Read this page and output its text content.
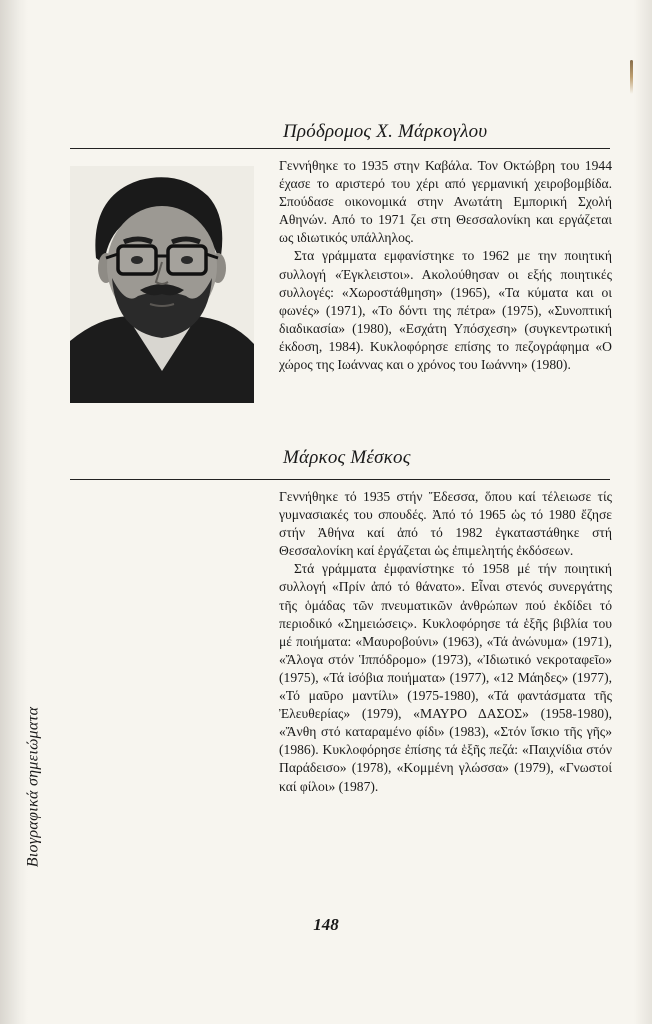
Πρόδρομος Χ. Μάρκογλου

Γεννήθηκε το 1935 στην Καβάλα. Τον Οκτώβρη του 1944 έχασε το αριστερό του χέρι από γερμανική χειροβομβίδα. Σπούδασε οικονομικά στην Ανωτάτη Εμπορική Σχολή Αθηνών. Από το 1971 ζει στη Θεσσαλονίκη και εργάζεται ως ιδιωτικός υπάλληλος.

Στα γράμματα εμφανίστηκε το 1962 με την ποιητική συλλογή «Έγκλειστοι». Ακολούθησαν οι εξής ποιητικές συλλογές: «Χωροστάθμηση» (1965), «Τα κύματα και οι φωνές» (1971), «Το δόντι της πέτρα» (1975), «Συνοπτική διαδικασία» (1980), «Εσχάτη Υπόσχεση» (συγκεντρωτική έκδοση, 1984). Κυκλοφόρησε επίσης το πεζογράφημα «Ο χώρος της Ιωάννας και ο χρόνος του Ιωάννη» (1980).

Μάρκος Μέσκος

Γεννήθηκε τό 1935 στήν Ἔδεσσα, ὅπου καί τέλειωσε τίς γυμνασιακές του σπουδές. Ἀπό τό 1965 ὡς τό 1980 ἔζησε στήν Ἀθήνα καί ἀπό τό 1982 ἐγκαταστάθηκε στή Θεσσαλονίκη καί ἐργάζεται ὡς ἐπιμελητής ἐκδόσεων.

Στά γράμματα ἐμφανίστηκε τό 1958 μέ τήν ποιητική συλλογή «Πρίν ἀπό τό θάνατο». Εἶναι στενός συνεργάτης τῆς ὁμάδας τῶν πνευματικῶν ἀνθρώπων πού ἐκδίδει τό περιοδικό «Σημειώσεις». Κυκλοφόρησε τά ἑξῆς βιβλία του μέ ποιήματα: «Μαυροβούνι» (1963), «Τά ἀνώνυμα» (1971), «Ἄλογα στόν Ἱππόδρομο» (1973), «Ἰδιωτικό νεκροταφεῖο» (1975), «Τά ἰσόβια ποιήματα» (1977), «12 Μάηδες» (1977), «Τό μαῦρο μαντίλι» (1975-1980), «Τά φαντάσματα τῆς Ἐλευθερίας» (1979), «ΜΑΥΡΟ ΔΑΣΟΣ» (1958-1980), «Ἄνθη στό καταραμένο φίδι» (1983), «Στόν ἴσκιο τῆς γῆς» (1986). Κυκλοφόρησε ἐπίσης τά ἑξῆς πεζά: «Παιχνίδια στόν Παράδεισο» (1978), «Κομμένη γλώσσα» (1979), «Γνωστοί καί φίλοι» (1987).

Βιογραφικά σημειώματα
148
